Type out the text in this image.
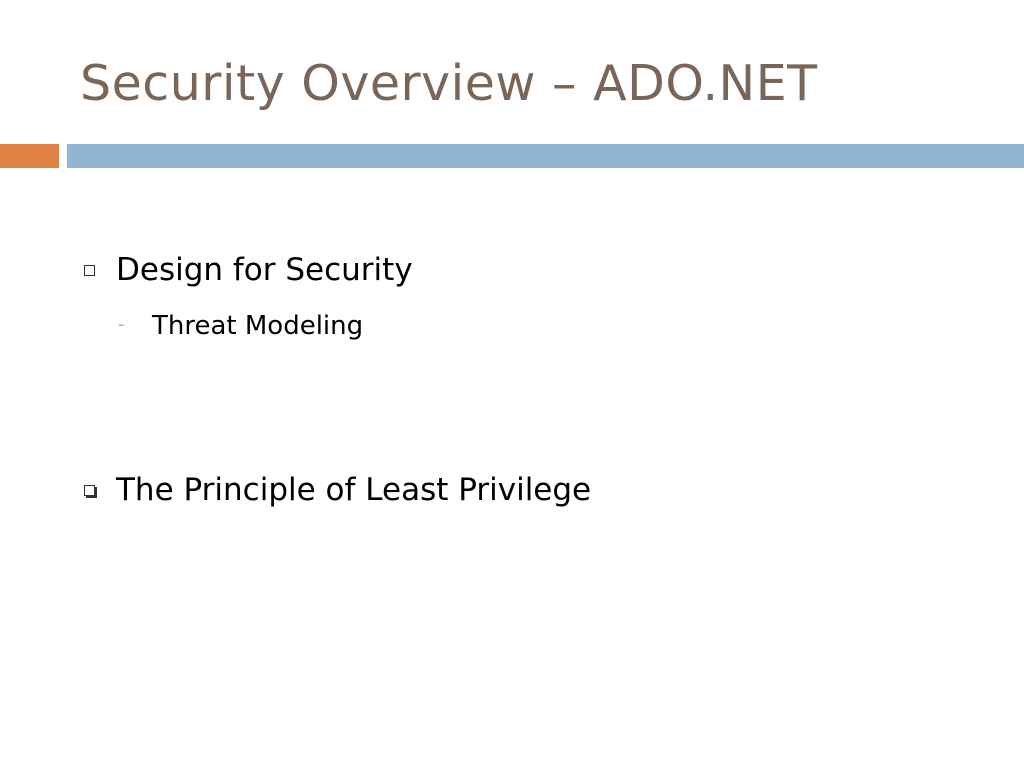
Security Overview – ADO.NET
Design for Security
- Threat Modeling
The Principle of Least Privilege
